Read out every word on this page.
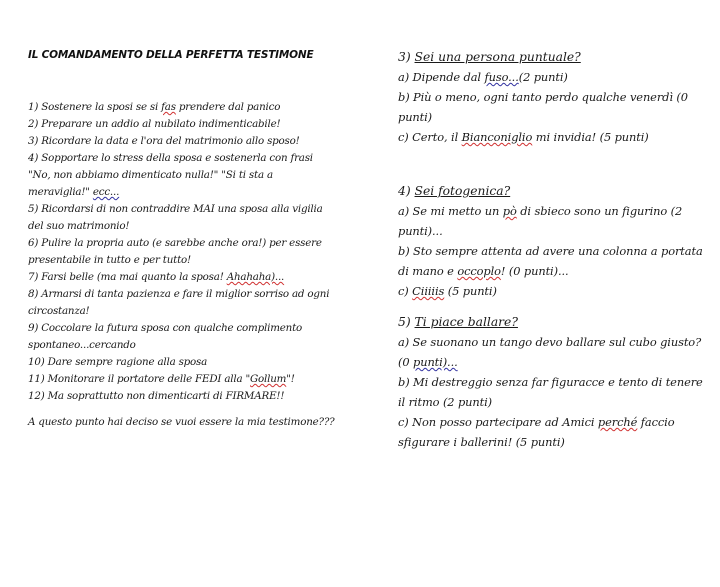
IL COMANDAMENTO DELLA PERFETTA TESTIMONE
1) Sostenere la sposi se si fas prendere dal panico
2) Preparare un addio al nubilato indimenticabile!
3) Ricordare la data e l'ora del matrimonio allo sposo!
4) Sopportare lo stress della sposa e sostenerla con frasi "No, non abbiamo dimenticato nulla!" "Si ti sta a meraviglia!" ecc...
5) Ricordarsi di non contraddire MAI una sposa alla vigilia del suo matrimonio!
6) Pulire la propria auto (e sarebbe anche ora!) per essere presentabile in tutto e per tutto!
7) Farsi belle (ma mai quanto la sposa! Ahahaha)...
8) Armarsi di tanta pazienza e fare il miglior sorriso ad ogni circostanza!
9) Coccolare la futura sposa con qualche complimento spontaneo...cercando
10) Dare sempre ragione alla sposa
11) Monitorare il portatore delle FEDI alla "Gollum"!
12) Ma soprattutto non dimenticarti di FIRMARE!!
A questo punto hai deciso se vuoi essere la mia testimone???
3) Sei una persona puntuale?
a) Dipende dal fuso...(2 punti)
b) Più o meno, ogni tanto perdo qualche venerdì (0 punti)
c) Certo, il Bianconiglio mi invidia! (5 punti)
4) Sei fotogenica?
a) Se mi metto un pò di sbieco sono un figurino (2 punti)...
b) Sto sempre attenta ad avere una colonna a portata di mano e occoplo! (0 punti)...
c) Ciiiiis (5 punti)
5) Ti piace ballare?
a) Se suonano un tango devo ballare sul cubo giusto? (0 punti)...
b) Mi destreggio senza far figuracce e tento di tenere il ritmo (2 punti)
c) Non posso partecipare ad Amici perché faccio sfigurare i ballerini! (5 punti)
